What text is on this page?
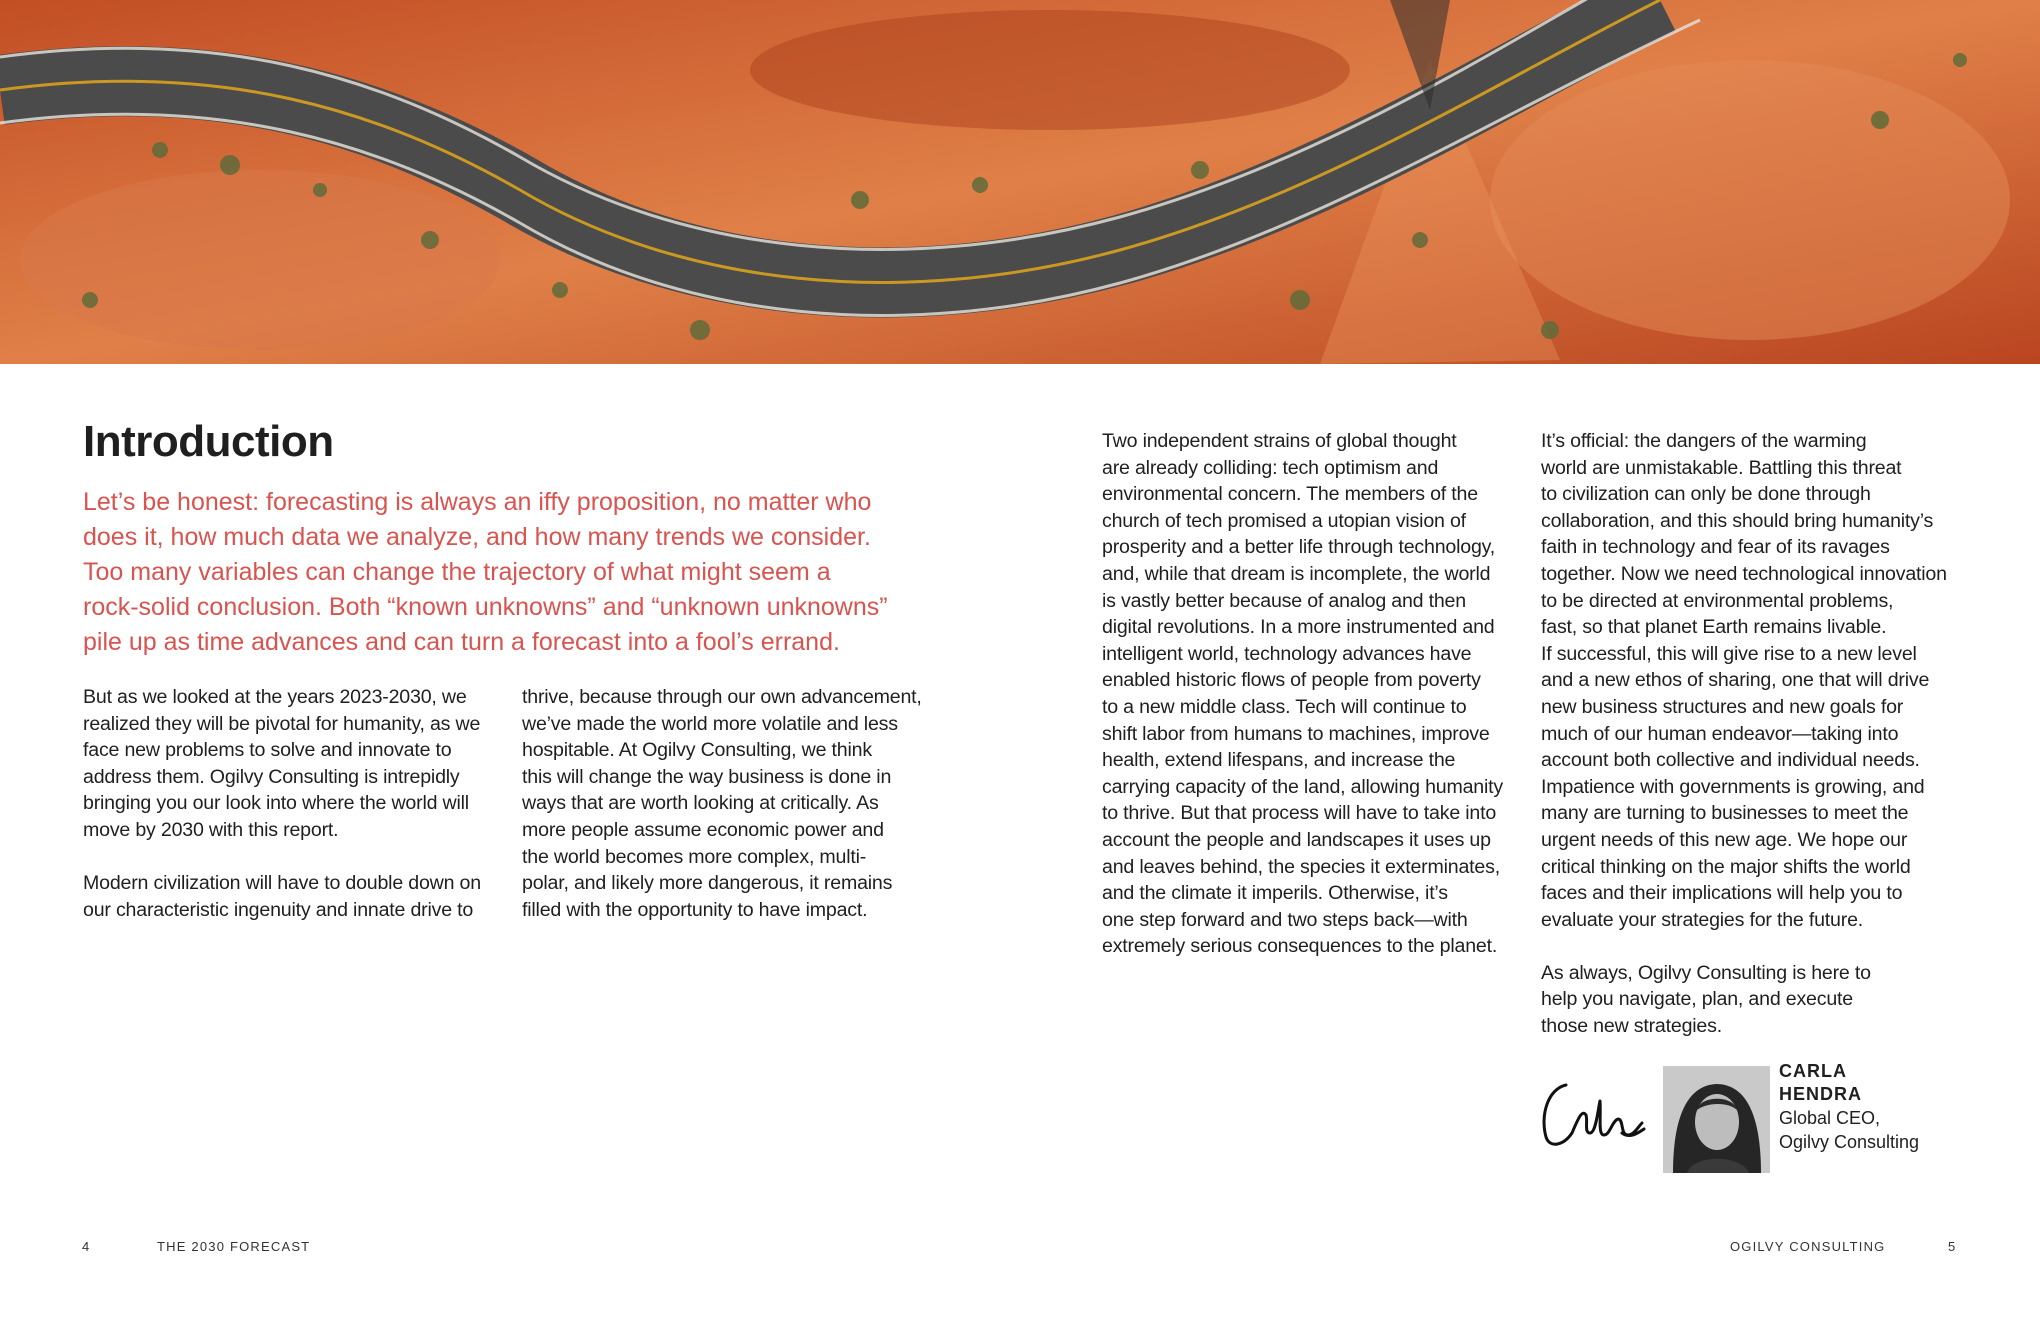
Introduction
Let’s be honest: forecasting is always an iffy proposition, no matter who
does it, how much data we analyze, and how many trends we consider.
Too many variables can change the trajectory of what might seem a
rock-solid conclusion. Both “known unknowns” and “unknown unknowns”
pile up as time advances and can turn a forecast into a fool’s errand.
But as we looked at the years 2023-2030, we
realized they will be pivotal for humanity, as we
face new problems to solve and innovate to
address them. Ogilvy Consulting is intrepidly
bringing you our look into where the world will
move by 2030 with this report.
Modern civilization will have to double down on
our characteristic ingenuity and innate drive to
thrive, because through our own advancement,
we’ve made the world more volatile and less
hospitable. At Ogilvy Consulting, we think
this will change the way business is done in
ways that are worth looking at critically. As
more people assume economic power and
the world becomes more complex, multi-
polar, and likely more dangerous, it remains
filled with the opportunity to have impact.
Two independent strains of global thought
are already colliding: tech optimism and
environmental concern. The members of the
church of tech promised a utopian vision of
prosperity and a better life through technology,
and, while that dream is incomplete, the world
is vastly better because of analog and then
digital revolutions. In a more instrumented and
intelligent world, technology advances have
enabled historic flows of people from poverty
to a new middle class. Tech will continue to
shift labor from humans to machines, improve
health, extend lifespans, and increase the
carrying capacity of the land, allowing humanity
to thrive. But that process will have to take into
account the people and landscapes it uses up
and leaves behind, the species it exterminates,
and the climate it imperils. Otherwise, it’s
one step forward and two steps back—with
extremely serious consequences to the planet.
It’s official: the dangers of the warming
world are unmistakable. Battling this threat
to civilization can only be done through
collaboration, and this should bring humanity’s
faith in technology and fear of its ravages
together. Now we need technological innovation
to be directed at environmental problems,
fast, so that planet Earth remains livable.
If successful, this will give rise to a new level
and a new ethos of sharing, one that will drive
new business structures and new goals for
much of our human endeavor—taking into
account both collective and individual needs.
Impatience with governments is growing, and
many are turning to businesses to meet the
urgent needs of this new age. We hope our
critical thinking on the major shifts the world
faces and their implications will help you to
evaluate your strategies for the future.
As always, Ogilvy Consulting is here to
help you navigate, plan, and execute
those new strategies.
CARLA
HENDRA
Global CEO,
Ogilvy Consulting
4	THE 2030 FORECAST	OGILVY CONSULTING	5
